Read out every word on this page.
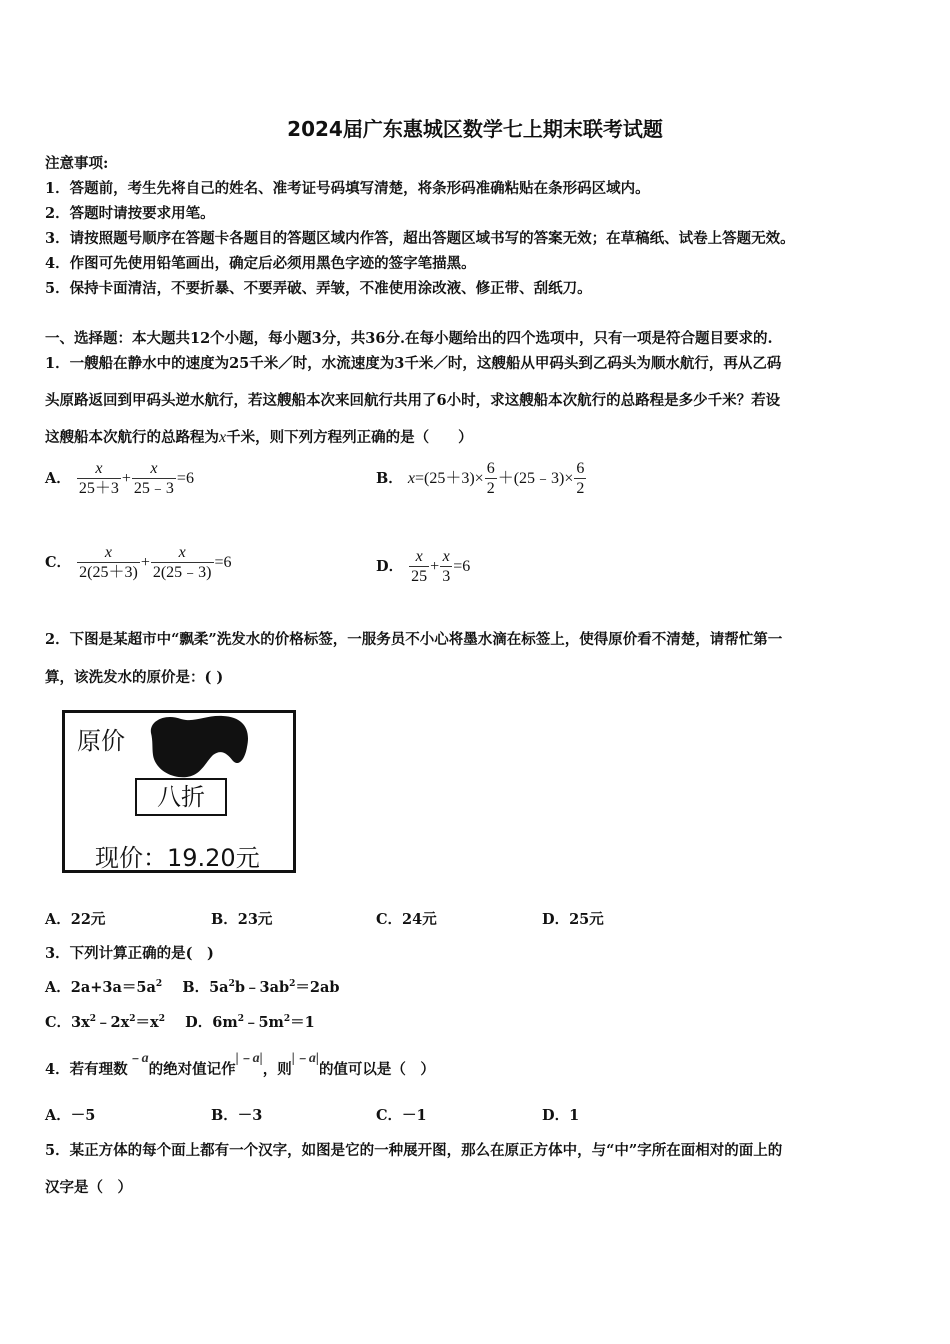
2024届广东惠城区数学七上期末联考试题
注意事项:
1．答题前，考生先将自己的姓名、准考证号码填写清楚，将条形码准确粘贴在条形码区域内。
2．答题时请按要求用笔。
3．请按照题号顺序在答题卡各题目的答题区域内作答，超出答题区域书写的答案无效；在草稿纸、试卷上答题无效。
4．作图可先使用铅笔画出，确定后必须用黑色字迹的签字笔描黑。
5．保持卡面清洁，不要折暴、不要弄破、弄皱，不准使用涂改液、修正带、刮纸刀。
一、选择题：本大题共12个小题，每小题3分，共36分.在每小题给出的四个选项中，只有一项是符合题目要求的.
1．一艘船在静水中的速度为25千米／时，水流速度为3千米／时，这艘船从甲码头到乙码头为顺水航行，再从乙码
头原路返回到甲码头逆水航行，若这艘船本次来回航行共用了6小时，求这艘船本次航行的总路程是多少千米？若设
这艘船本次航行的总路程为x千米，则下列方程列正确的是（　　）
A． $\frac{x}{25+3} + \frac{x}{25﹣3} =6$	B． $x=(25+3)\times \frac{6}{2}$ ＋(25﹣3)× $\frac{6}{2}$
C． $\frac{x}{2(25+3)} + \frac{x}{2(25﹣3)} =6$	D． $\frac{x}{25} + \frac{x}{3} =6$
2．下图是某超市中“飘柔”洗发水的价格标签，一服务员不小心将墨水滴在标签上，使得原价看不清楚，请帮忙第一
算，该洗发水的原价是：( )
原价
八折
现价：19.20元
A．22元	B．23元	C．24元	D．25元
3．下列计算正确的是(　)
A．$2a+3a=5a^2$ B．$5a^2b﹣3ab^2=2ab$
C．$3x^2﹣2x^2=x^2$ D．$6m^2﹣5m^2=1$
4．若有理数﹣a的绝对值记作|﹣a|，则|﹣a|的值可以是（　）
A．－5	B．－3	C．－1	D．1
5．某正方体的每个面上都有一个汉字，如图是它的一种展开图，那么在原正方体中，与“中”字所在面相对的面上的
汉字是（　）
